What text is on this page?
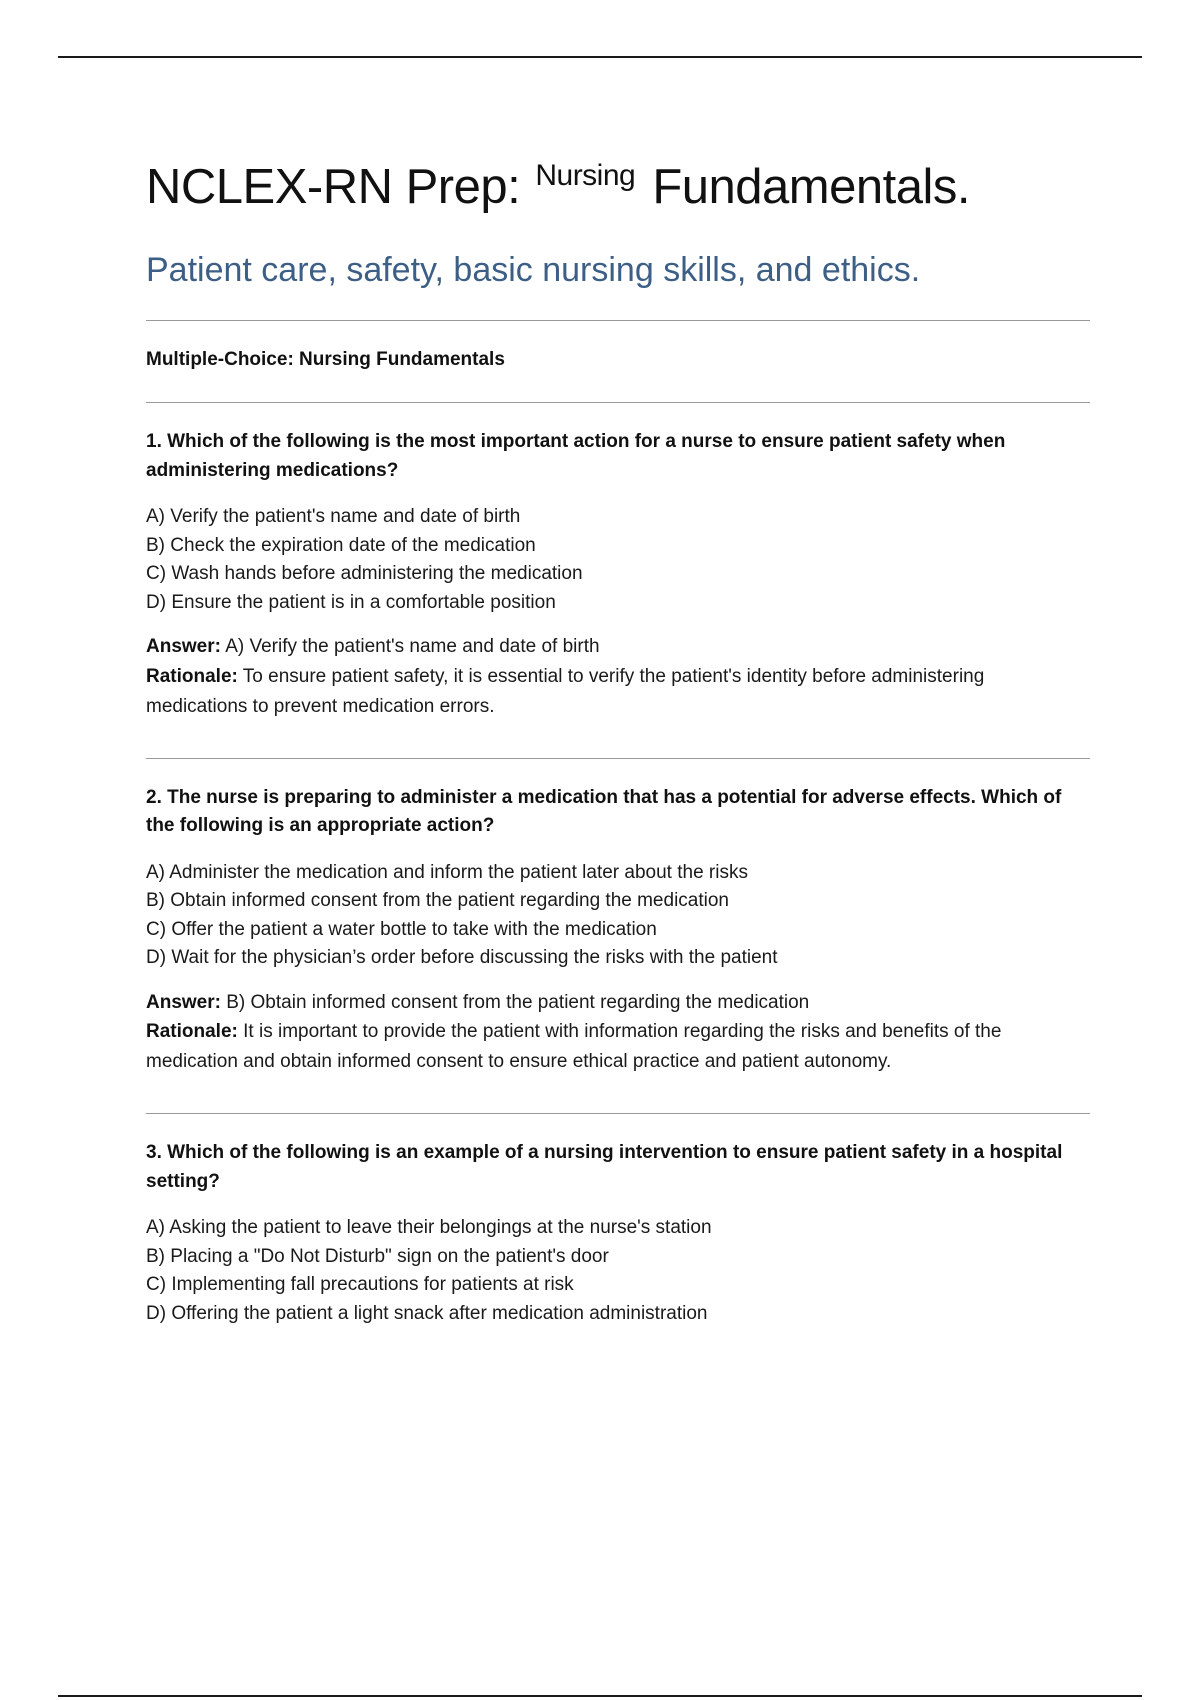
NCLEX-RN Prep: $^{Nursing}$ Fundamentals.

Patient care, safety, basic nursing skills, and ethics.

Multiple-Choice: Nursing Fundamentals

1. Which of the following is the most important action for a nurse to ensure patient safety when administering medications?

A) Verify the patient's name and date of birth
B) Check the expiration date of the medication
C) Wash hands before administering the medication
D) Ensure the patient is in a comfortable position

Answer: A) Verify the patient's name and date of birth

Rationale: To ensure patient safety, it is essential to verify the patient's identity before administering medications to prevent medication errors.

2. The nurse is preparing to administer a medication that has a potential for adverse effects. Which of the following is an appropriate action?

A) Administer the medication and inform the patient later about the risks
B) Obtain informed consent from the patient regarding the medication
C) Offer the patient a water bottle to take with the medication
D) Wait for the physician’s order before discussing the risks with the patient

Answer: B) Obtain informed consent from the patient regarding the medication

Rationale: It is important to provide the patient with information regarding the risks and benefits of the medication and obtain informed consent to ensure ethical practice and patient autonomy.

3. Which of the following is an example of a nursing intervention to ensure patient safety in a hospital setting?

A) Asking the patient to leave their belongings at the nurse's station
B) Placing a "Do Not Disturb" sign on the patient's door
C) Implementing fall precautions for patients at risk
D) Offering the patient a light snack after medication administration
